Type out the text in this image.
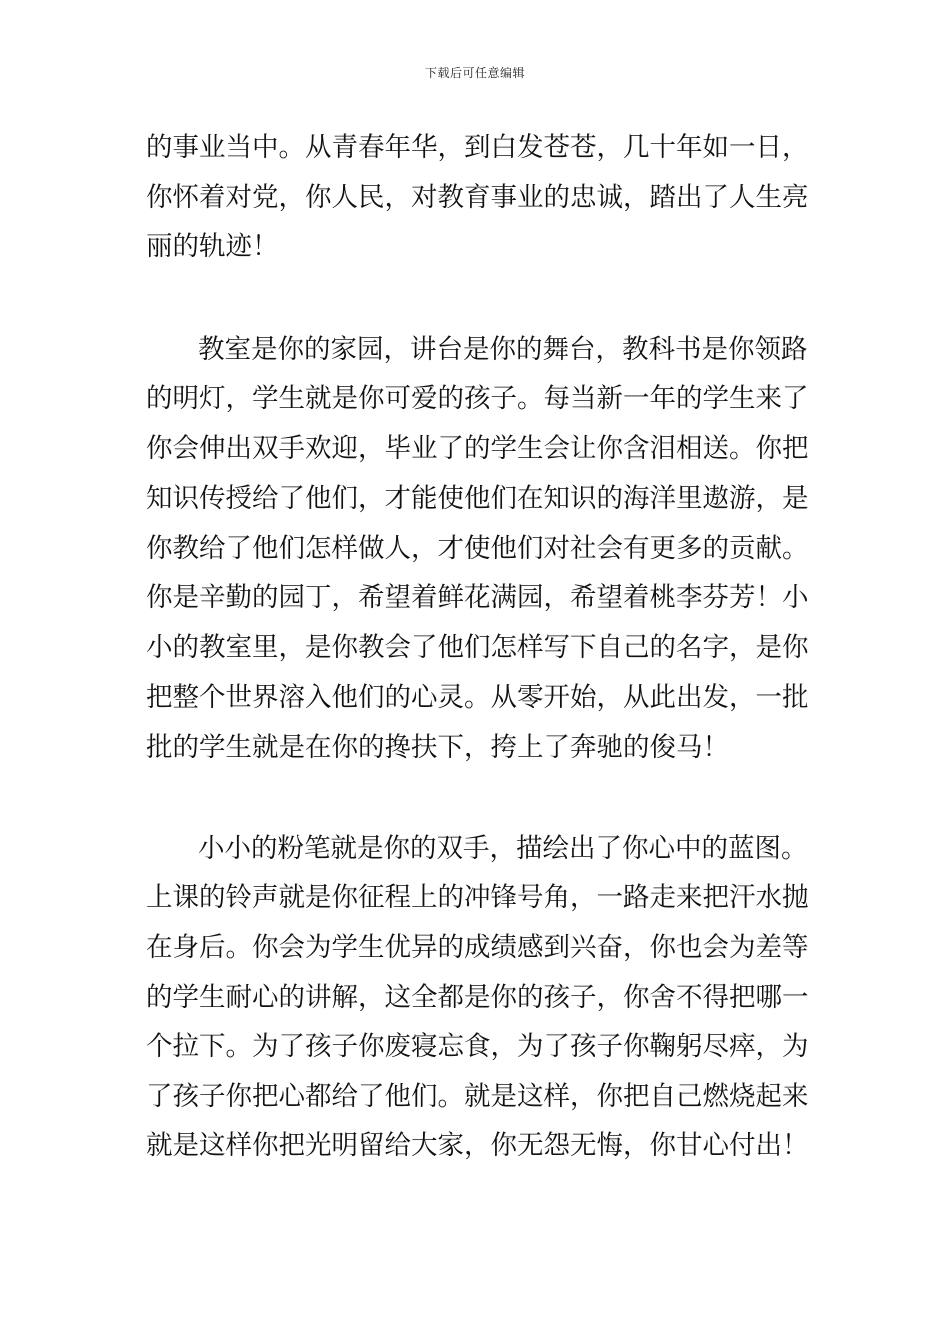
下载后可任意编辑
的事业当中。从青春年华，到白发苍苍，几十年如一日，
你怀着对党，你人民，对教育事业的忠诚，踏出了人生亮
丽的轨迹！
教室是你的家园，讲台是你的舞台，教科书是你领路
的明灯，学生就是你可爱的孩子。每当新一年的学生来了
你会伸出双手欢迎，毕业了的学生会让你含泪相送。你把
知识传授给了他们，才能使他们在知识的海洋里遨游，是
你教给了他们怎样做人，才使他们对社会有更多的贡献。
你是辛勤的园丁，希望着鲜花满园，希望着桃李芬芳！小
小的教室里，是你教会了他们怎样写下自己的名字，是你
把整个世界溶入他们的心灵。从零开始，从此出发，一批
批的学生就是在你的搀扶下，挎上了奔驰的俊马！
小小的粉笔就是你的双手，描绘出了你心中的蓝图。
上课的铃声就是你征程上的冲锋号角，一路走来把汗水抛
在身后。你会为学生优异的成绩感到兴奋，你也会为差等
的学生耐心的讲解，这全都是你的孩子，你舍不得把哪一
个拉下。为了孩子你废寝忘食，为了孩子你鞠躬尽瘁，为
了孩子你把心都给了他们。就是这样，你把自己燃烧起来
就是这样你把光明留给大家，你无怨无悔，你甘心付出！
